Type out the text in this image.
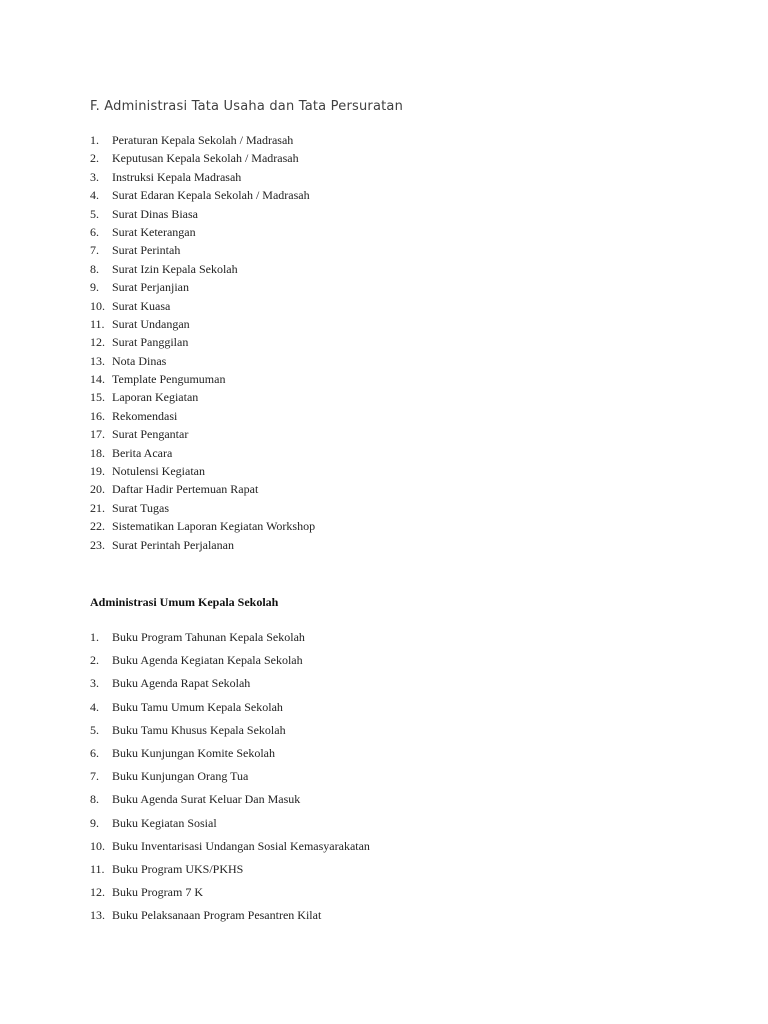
F. Administrasi Tata Usaha dan Tata Persuratan
1. Peraturan Kepala Sekolah / Madrasah
2. Keputusan Kepala Sekolah / Madrasah
3. Instruksi Kepala Madrasah
4. Surat Edaran Kepala Sekolah / Madrasah
5. Surat Dinas Biasa
6. Surat Keterangan
7. Surat Perintah
8. Surat Izin Kepala Sekolah
9. Surat Perjanjian
10. Surat Kuasa
11. Surat Undangan
12. Surat Panggilan
13. Nota Dinas
14. Template Pengumuman
15. Laporan Kegiatan
16. Rekomendasi
17. Surat Pengantar
18. Berita Acara
19. Notulensi Kegiatan
20. Daftar Hadir Pertemuan Rapat
21. Surat Tugas
22. Sistematikan Laporan Kegiatan Workshop
23. Surat Perintah Perjalanan
Administrasi Umum Kepala Sekolah
1. Buku Program Tahunan Kepala Sekolah
2. Buku Agenda Kegiatan Kepala Sekolah
3. Buku Agenda Rapat Sekolah
4. Buku Tamu Umum Kepala Sekolah
5. Buku Tamu Khusus Kepala Sekolah
6. Buku Kunjungan Komite Sekolah
7. Buku Kunjungan Orang Tua
8. Buku Agenda Surat Keluar Dan Masuk
9. Buku Kegiatan Sosial
10. Buku Inventarisasi Undangan Sosial Kemasyarakatan
11. Buku Program UKS/PKHS
12. Buku Program 7 K
13. Buku Pelaksanaan Program Pesantren Kilat
